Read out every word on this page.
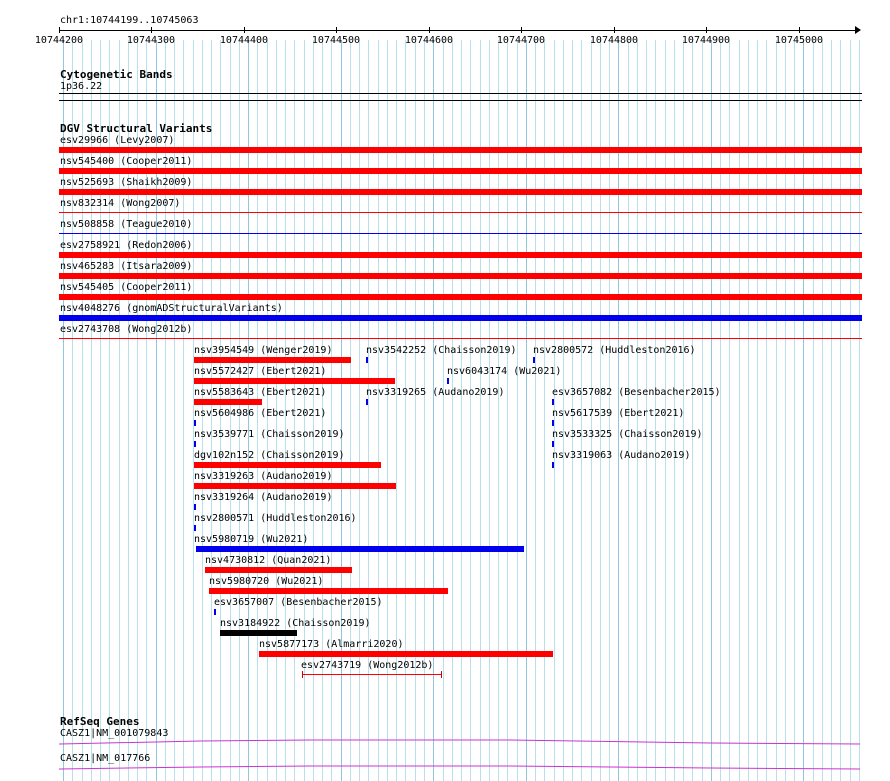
chr1:10744199..10745063
10744200	10744300	10744400	10744500	10744600	10744700	10744800	10744900	10745000
Cytogenetic Bands
1p36.22
DGV Structural Variants
esv29966 (Levy2007)
nsv545400 (Cooper2011)
nsv525693 (Shaikh2009)
nsv832314 (Wong2007)
nsv508858 (Teague2010)
esv2758921 (Redon2006)
nsv465283 (Itsara2009)
nsv545405 (Cooper2011)
nsv4048276 (gnomADStructuralVariants)
esv2743708 (Wong2012b)
nsv3954549 (Wenger2019)	nsv3542252 (Chaisson2019) nsv2800572 (Huddleston2016)
nsv5572427 (Ebert2021)	nsv6043174 (Wu2021)
nsv5583643 (Ebert2021)	nsv3319265 (Audano2019)	esv3657082 (Besenbacher2015)
nsv5604986 (Ebert2021)	nsv5617539 (Ebert2021)
nsv3539771 (Chaisson2019)	nsv3533325 (Chaisson2019)
dgv102n152 (Chaisson2019)	nsv3319063 (Audano2019)
nsv3319263 (Audano2019)
nsv3319264 (Audano2019)
nsv2800571 (Huddleston2016)
nsv5980719 (Wu2021)
nsv4730812 (Quan2021)
nsv5980720 (Wu2021)
esv3657007 (Besenbacher2015)
nsv3184922 (Chaisson2019)
nsv5877173 (Almarri2020)
esv2743719 (Wong2012b)
RefSeq Genes
CASZ1|NM_001079843
CASZ1|NM_017766
